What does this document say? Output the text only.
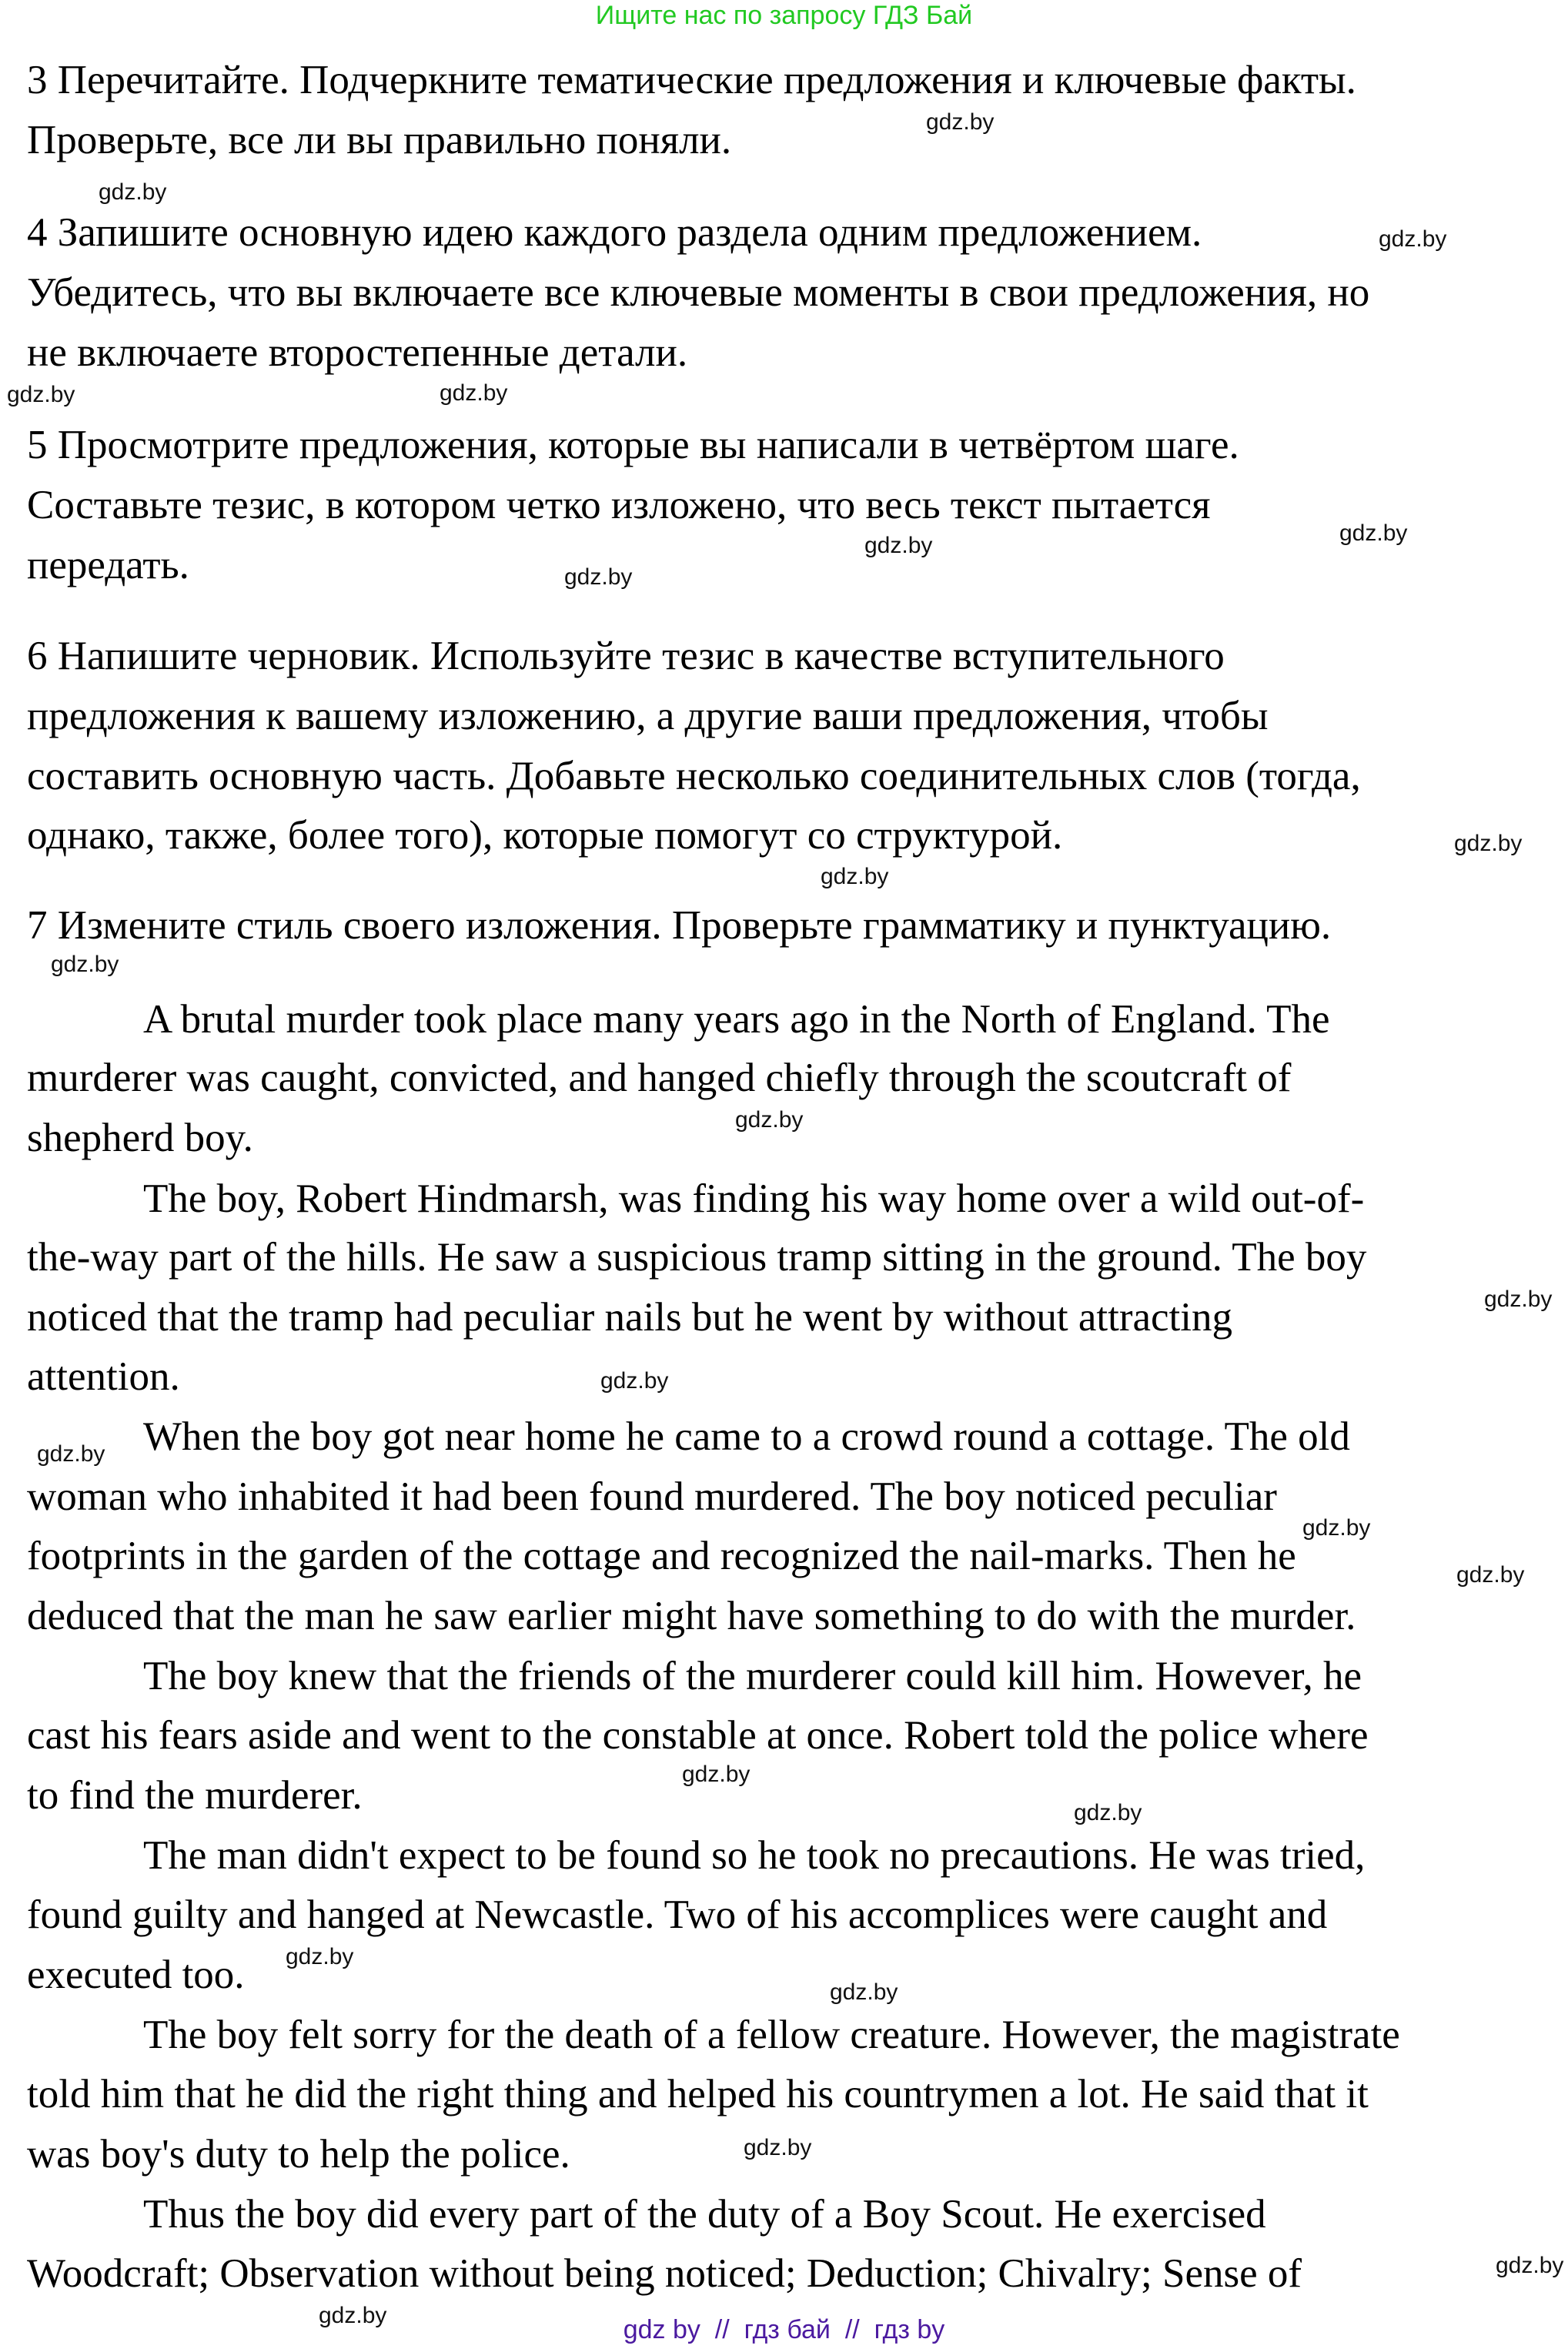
Ищите нас по запросу ГДЗ Бай
3 Перечитайте. Подчеркните тематические предложения и ключевые факты.
Проверьте, все ли вы правильно поняли.
4 Запишите основную идею каждого раздела одним предложением.
Убедитесь, что вы включаете все ключевые моменты в свои предложения, но
не включаете второстепенные детали.
5 Просмотрите предложения, которые вы написали в четвёртом шаге.
Составьте тезис, в котором четко изложено, что весь текст пытается
передать.
6 Напишите черновик. Используйте тезис в качестве вступительного
предложения к вашему изложению, а другие ваши предложения, чтобы
составить основную часть. Добавьте несколько соединительных слов (тогда,
однако, также, более того), которые помогут со структурой.
7 Измените стиль своего изложения. Проверьте грамматику и пунктуацию.
A brutal murder took place many years ago in the North of England. The
murderer was caught, convicted, and hanged chiefly through the scoutcraft of
shepherd boy.
The boy, Robert Hindmarsh, was finding his way home over a wild out-of-
the-way part of the hills. He saw a suspicious tramp sitting in the ground. The boy
noticed that the tramp had peculiar nails but he went by without attracting
attention.
When the boy got near home he came to a crowd round a cottage. The old
woman who inhabited it had been found murdered. The boy noticed peculiar
footprints in the garden of the cottage and recognized the nail-marks. Then he
deduced that the man he saw earlier might have something to do with the murder.
The boy knew that the friends of the murderer could kill him. However, he
cast his fears aside and went to the constable at once. Robert told the police where
to find the murderer.
The man didn't expect to be found so he took no precautions. He was tried,
found guilty and hanged at Newcastle. Two of his accomplices were caught and
executed too.
The boy felt sorry for the death of a fellow creature. However, the magistrate
told him that he did the right thing and helped his countrymen a lot. He said that it
was boy's duty to help the police.
Thus the boy did every part of the duty of a Boy Scout. He exercised
Woodcraft; Observation without being noticed; Deduction; Chivalry; Sense of
gdz.by
gdz.by
gdz.by
gdz.by
gdz.by
gdz.by	gdz.by
gdz.by
gdz.by
gdz.by
gdz.by
gdz.by
gdz.by
gdz.by
gdz.by
gdz.by
gdz.by
gdz.by
gdz.by
gdz.by
gdz.by
gdz.by
gdz.by
gdz.by	gdz by  //  гдз бай  //  гдз by
